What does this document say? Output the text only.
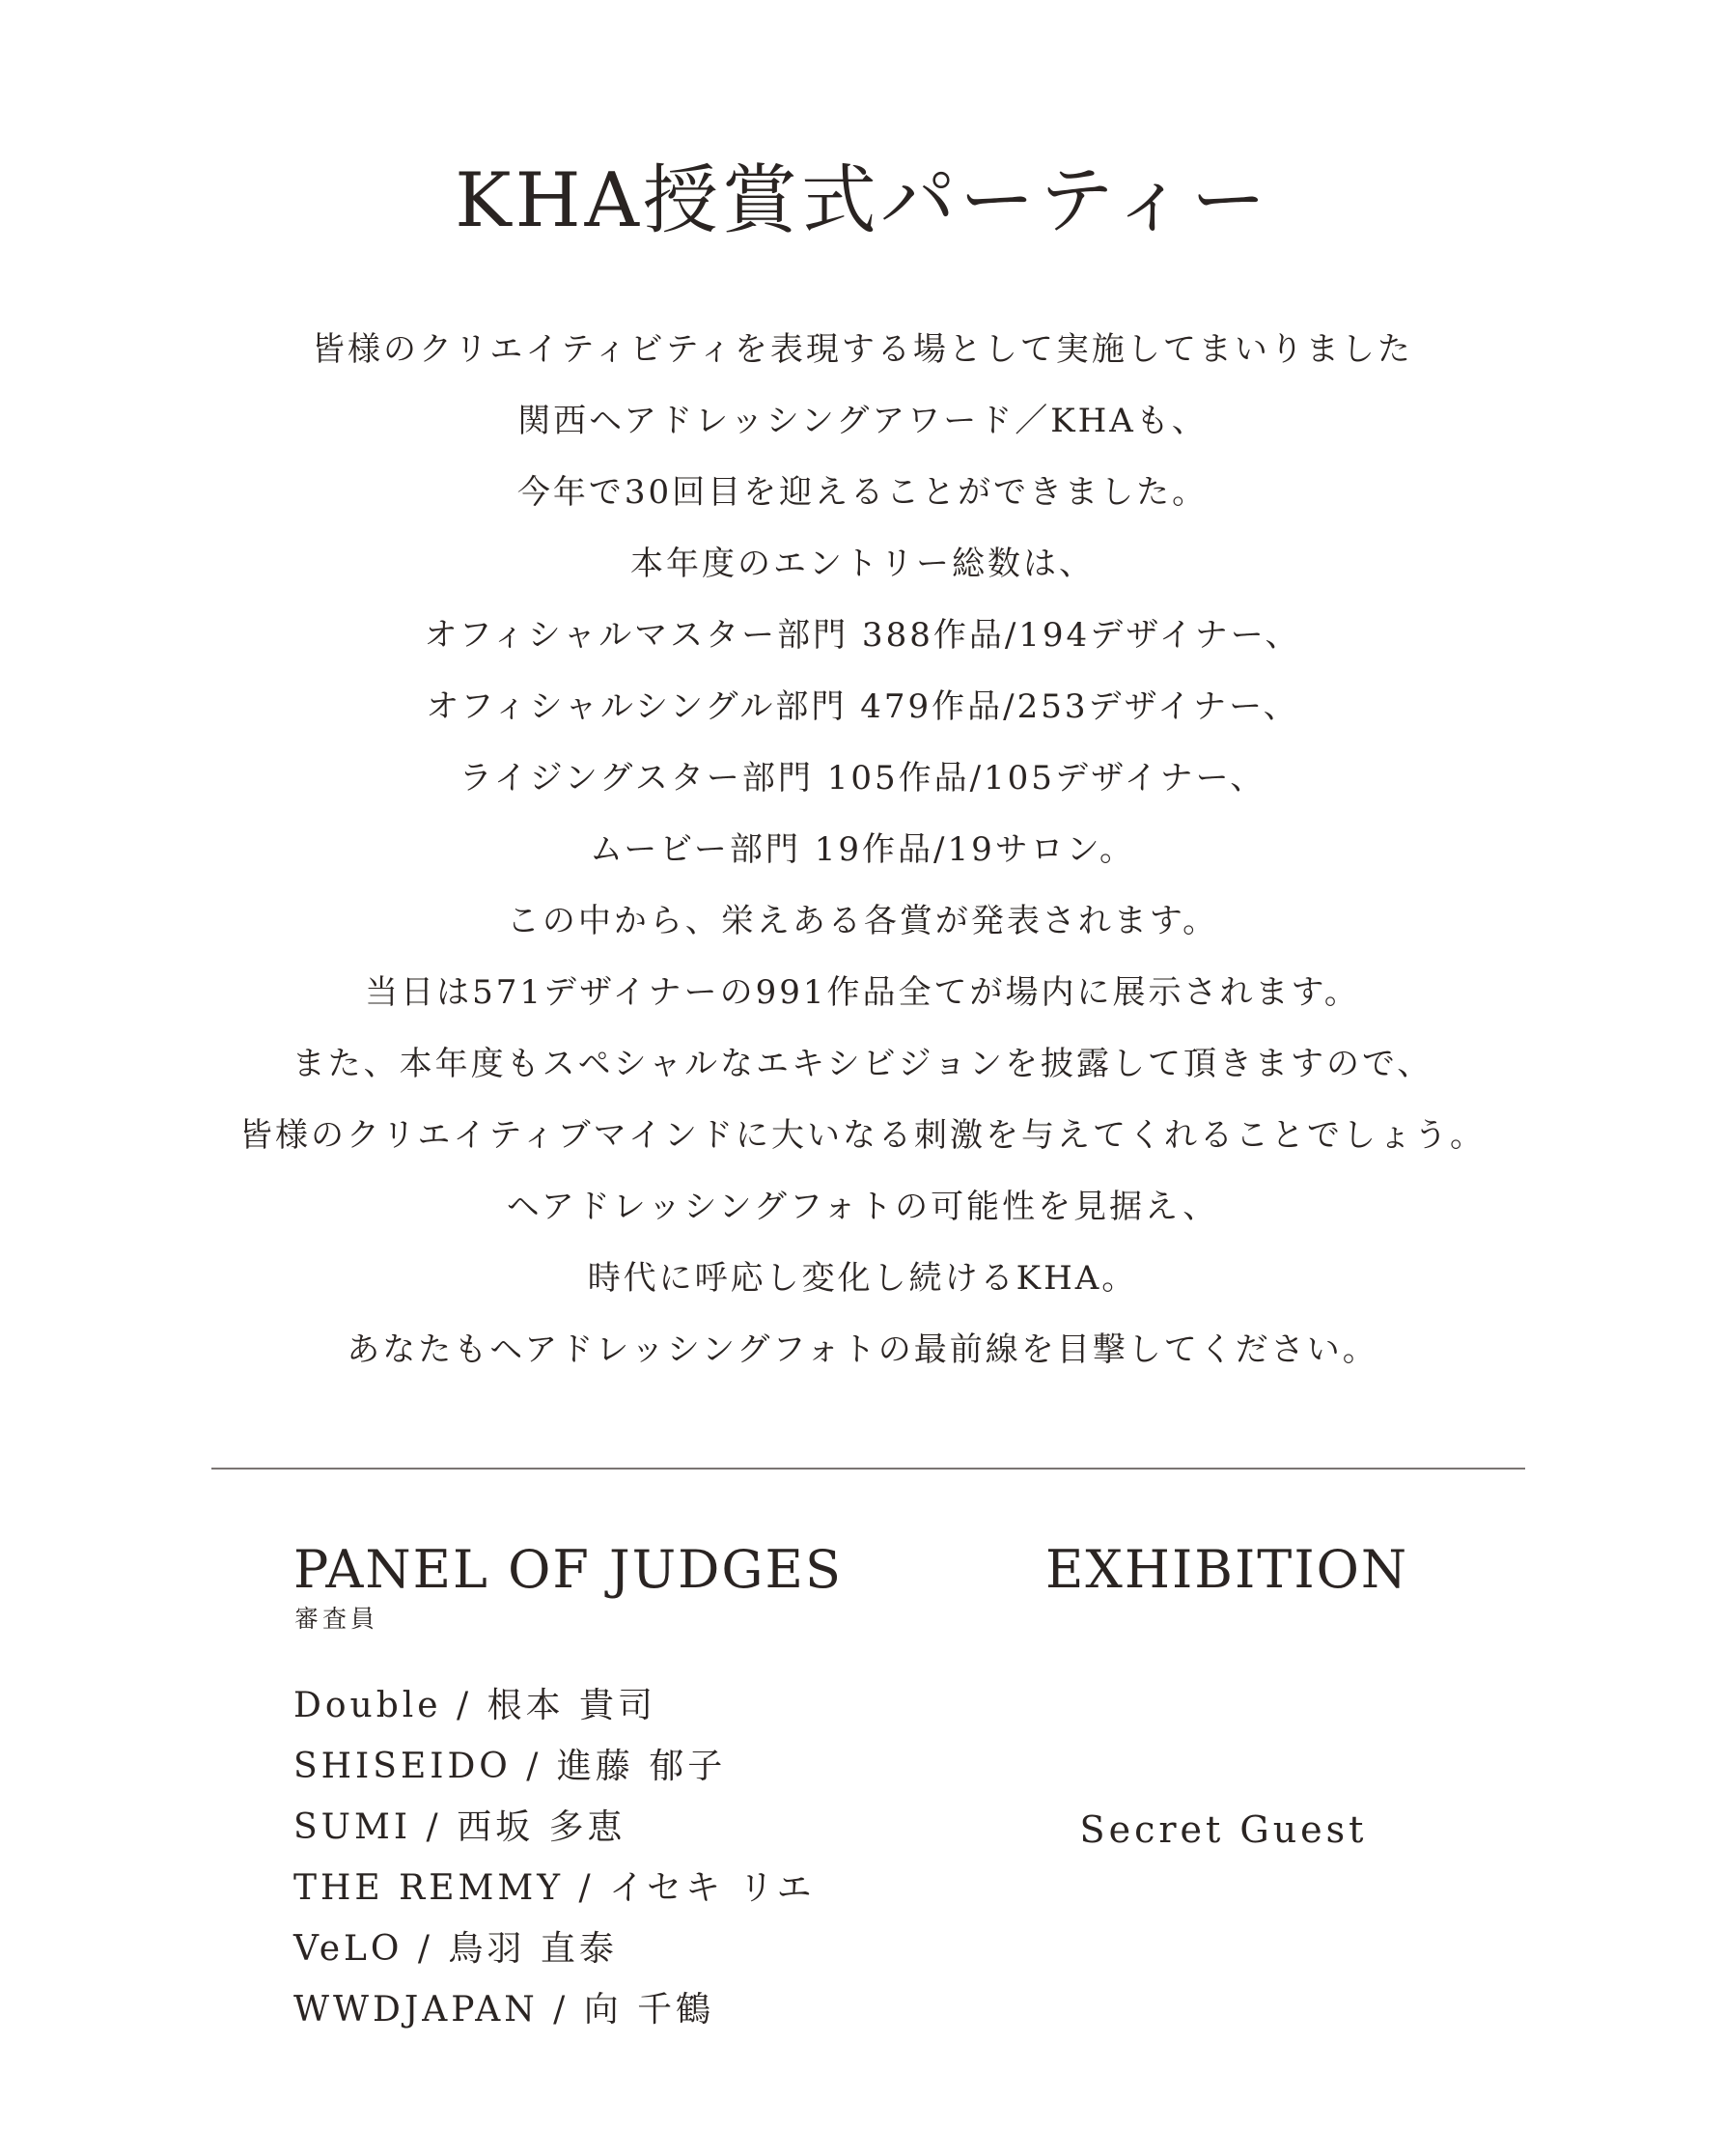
KHA授賞式パーティー
皆様のクリエイティビティを表現する場として実施してまいりました
関西ヘアドレッシングアワード／KHAも、
今年で30回目を迎えることができました。
本年度のエントリー総数は、
オフィシャルマスター部門 388作品/194デザイナー、
オフィシャルシングル部門 479作品/253デザイナー、
ライジングスター部門 105作品/105デザイナー、
ムービー部門 19作品/19サロン。
この中から、栄えある各賞が発表されます。
当日は571デザイナーの991作品全てが場内に展示されます。
また、本年度もスペシャルなエキシビジョンを披露して頂きますので、
皆様のクリエイティブマインドに大いなる刺激を与えてくれることでしょう。
ヘアドレッシングフォトの可能性を見据え、
時代に呼応し変化し続けるKHA。
あなたもヘアドレッシングフォトの最前線を目撃してください。
PANEL OF JUDGES

審査員

Double / 根本 貴司
SHISEIDO / 進藤 郁子
SUMI / 西坂 多恵
THE REMMY / イセキ リエ
VeLO / 鳥羽 直泰
WWDJAPAN / 向 千鶴
EXHIBITION

Secret Guest
